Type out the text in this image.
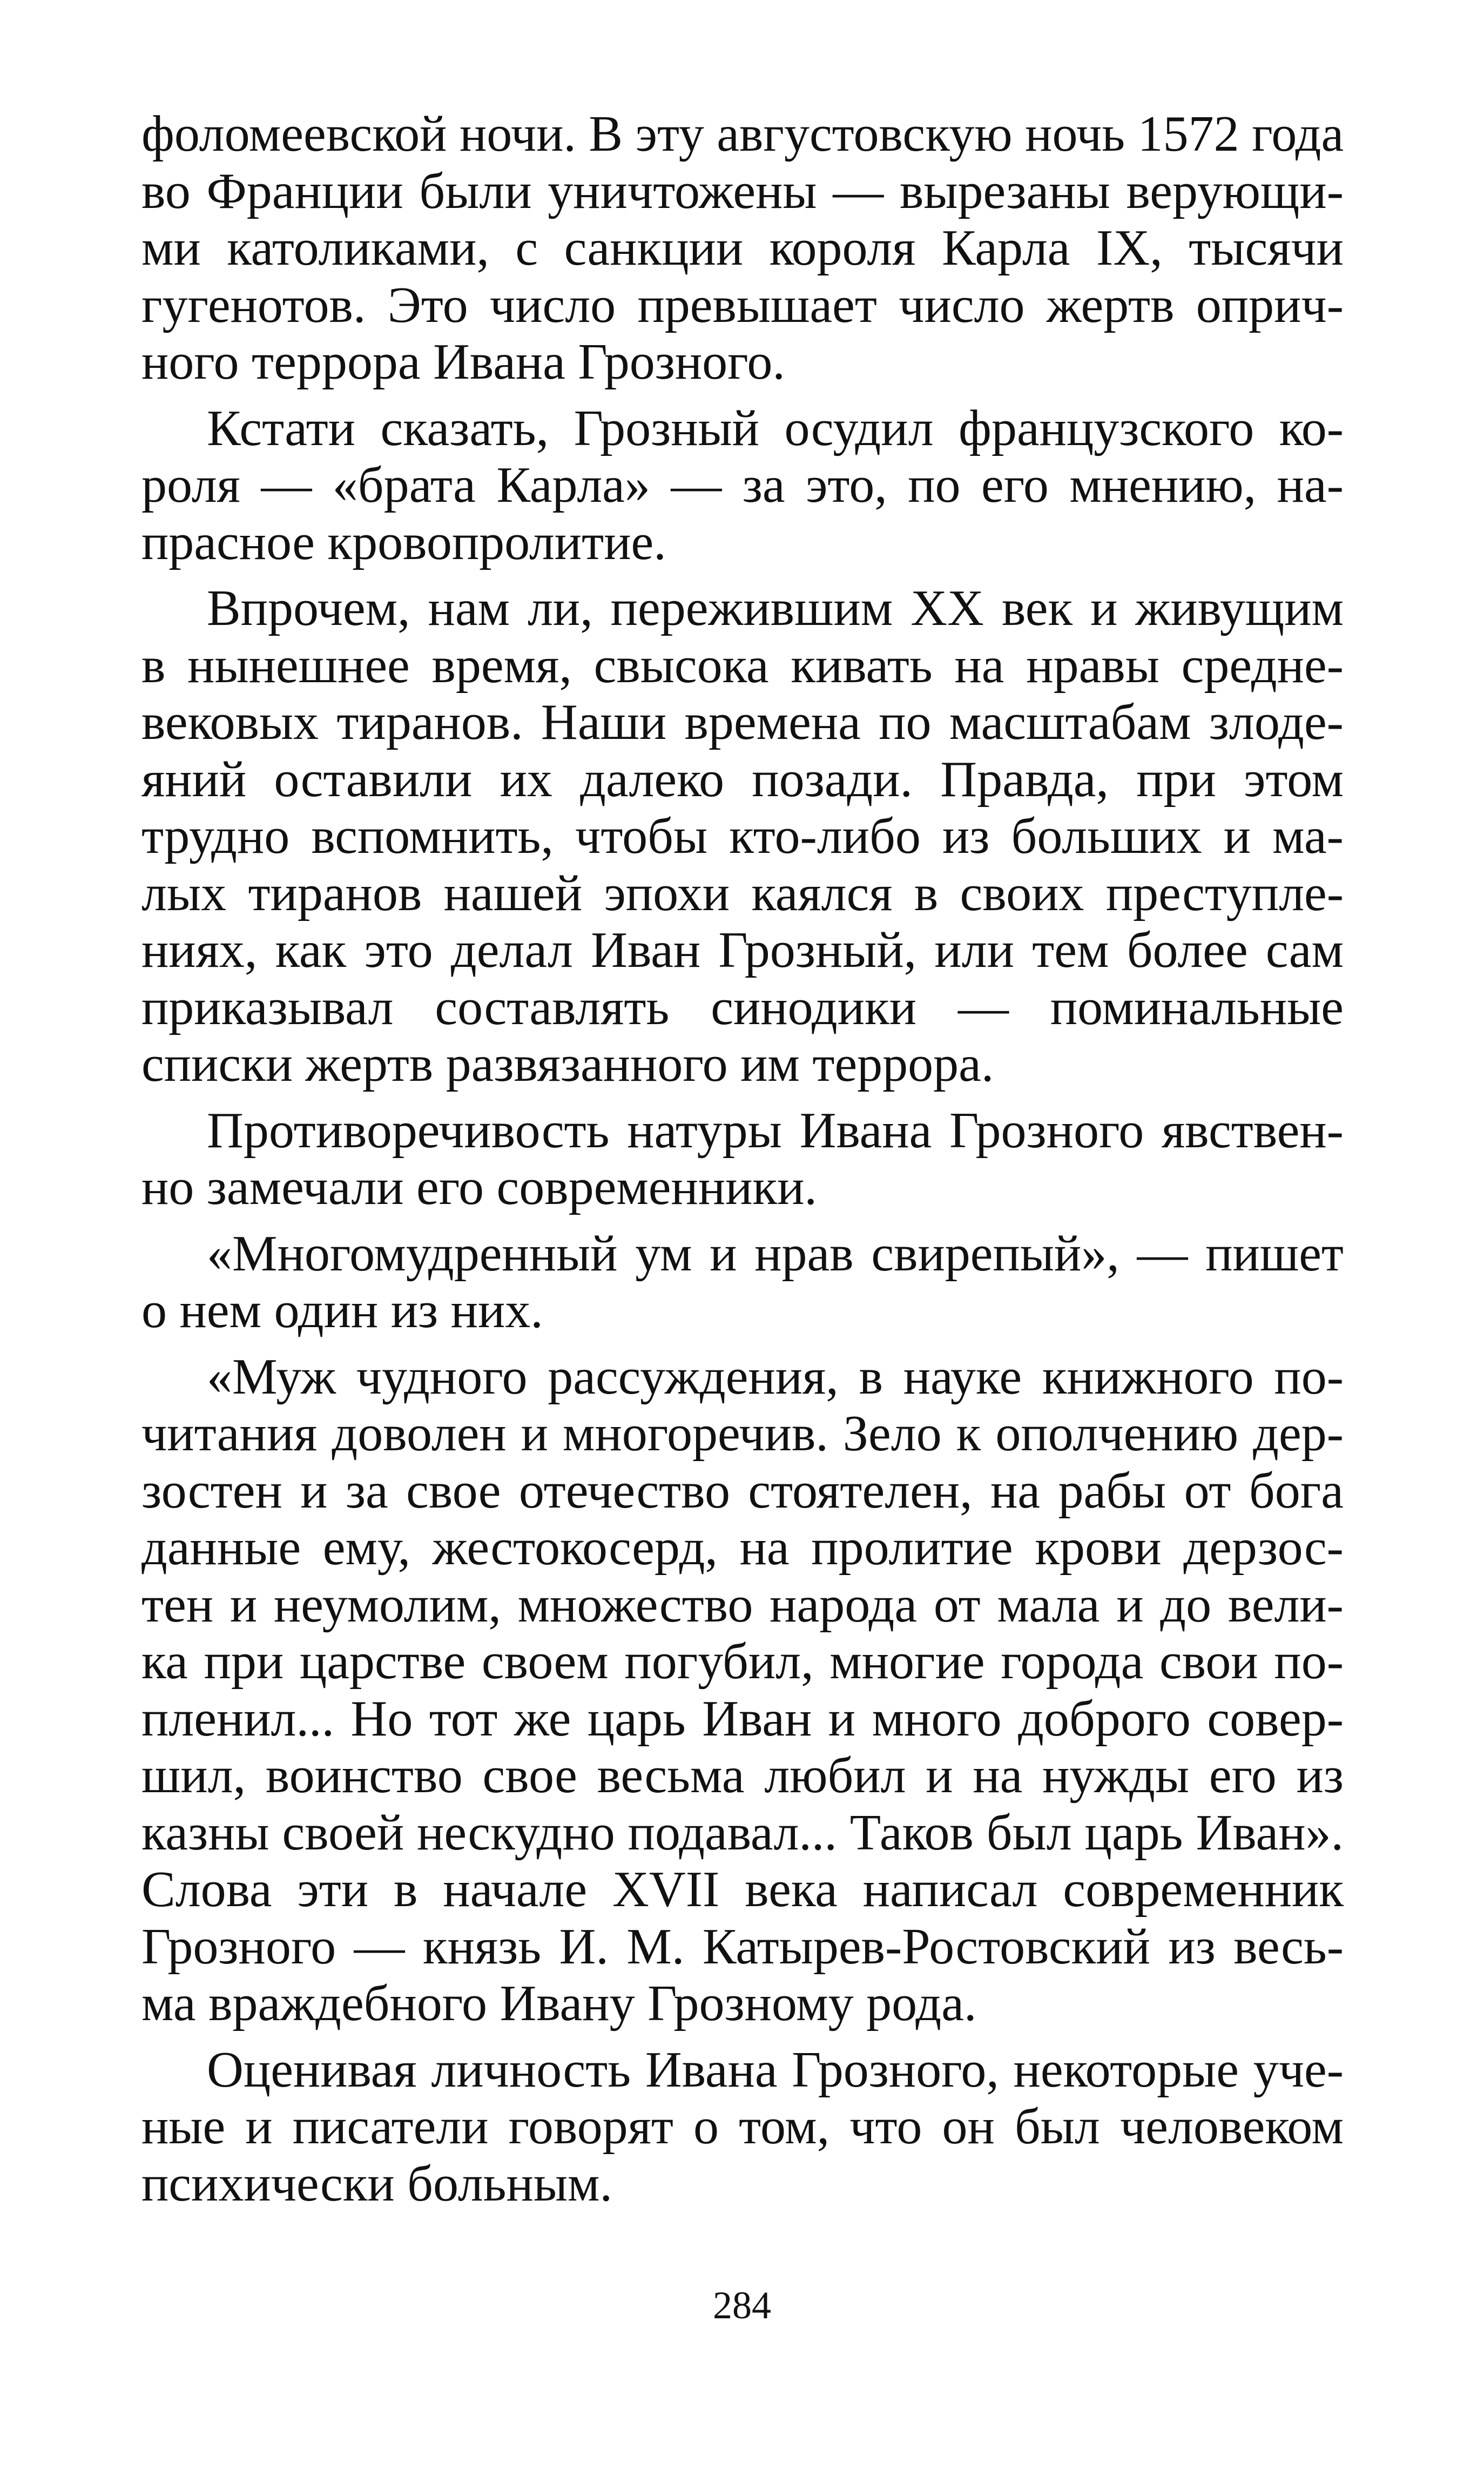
фоломеевской ночи. В эту августовскую ночь 1572 года
во Франции были уничтожены — вырезаны верующи-
ми католиками, с санкции короля Карла IX, тысячи
гугенотов. Это число превышает число жертв оприч-
ного террора Ивана Грозного.

Кстати сказать, Грозный осудил французского ко-
роля — «брата Карла» — за это, по его мнению, на-
прасное кровопролитие.

Впрочем, нам ли, пережившим XX век и живущим
в нынешнее время, свысока кивать на нравы средне-
вековых тиранов. Наши времена по масштабам злоде-
яний оставили их далеко позади. Правда, при этом
трудно вспомнить, чтобы кто-либо из больших и ма-
лых тиранов нашей эпохи каялся в своих преступле-
ниях, как это делал Иван Грозный, или тем более сам
приказывал составлять синодики — поминальные
списки жертв развязанного им террора.

Противоречивость натуры Ивана Грозного явствен-
но замечали его современники.

«Многомудренный ум и нрав свирепый», — пишет
о нем один из них.

«Муж чудного рассуждения, в науке книжного по-
читания доволен и многоречив. Зело к ополчению дер-
зостен и за свое отечество стоятелен, на рабы от бога
данные ему, жестокосерд, на пролитие крови дерзос-
тен и неумолим, множество народа от мала и до вели-
ка при царстве своем погубил, многие города свои по-
пленил... Но тот же царь Иван и много доброго совер-
шил, воинство свое весьма любил и на нужды его из
казны своей нескудно подавал... Таков был царь Иван».
Слова эти в начале XVII века написал современник
Грозного — князь И. М. Катырев-Ростовский из весь-
ма враждебного Ивану Грозному рода.

Оценивая личность Ивана Грозного, некоторые уче-
ные и писатели говорят о том, что он был человеком
психически больным.

284
